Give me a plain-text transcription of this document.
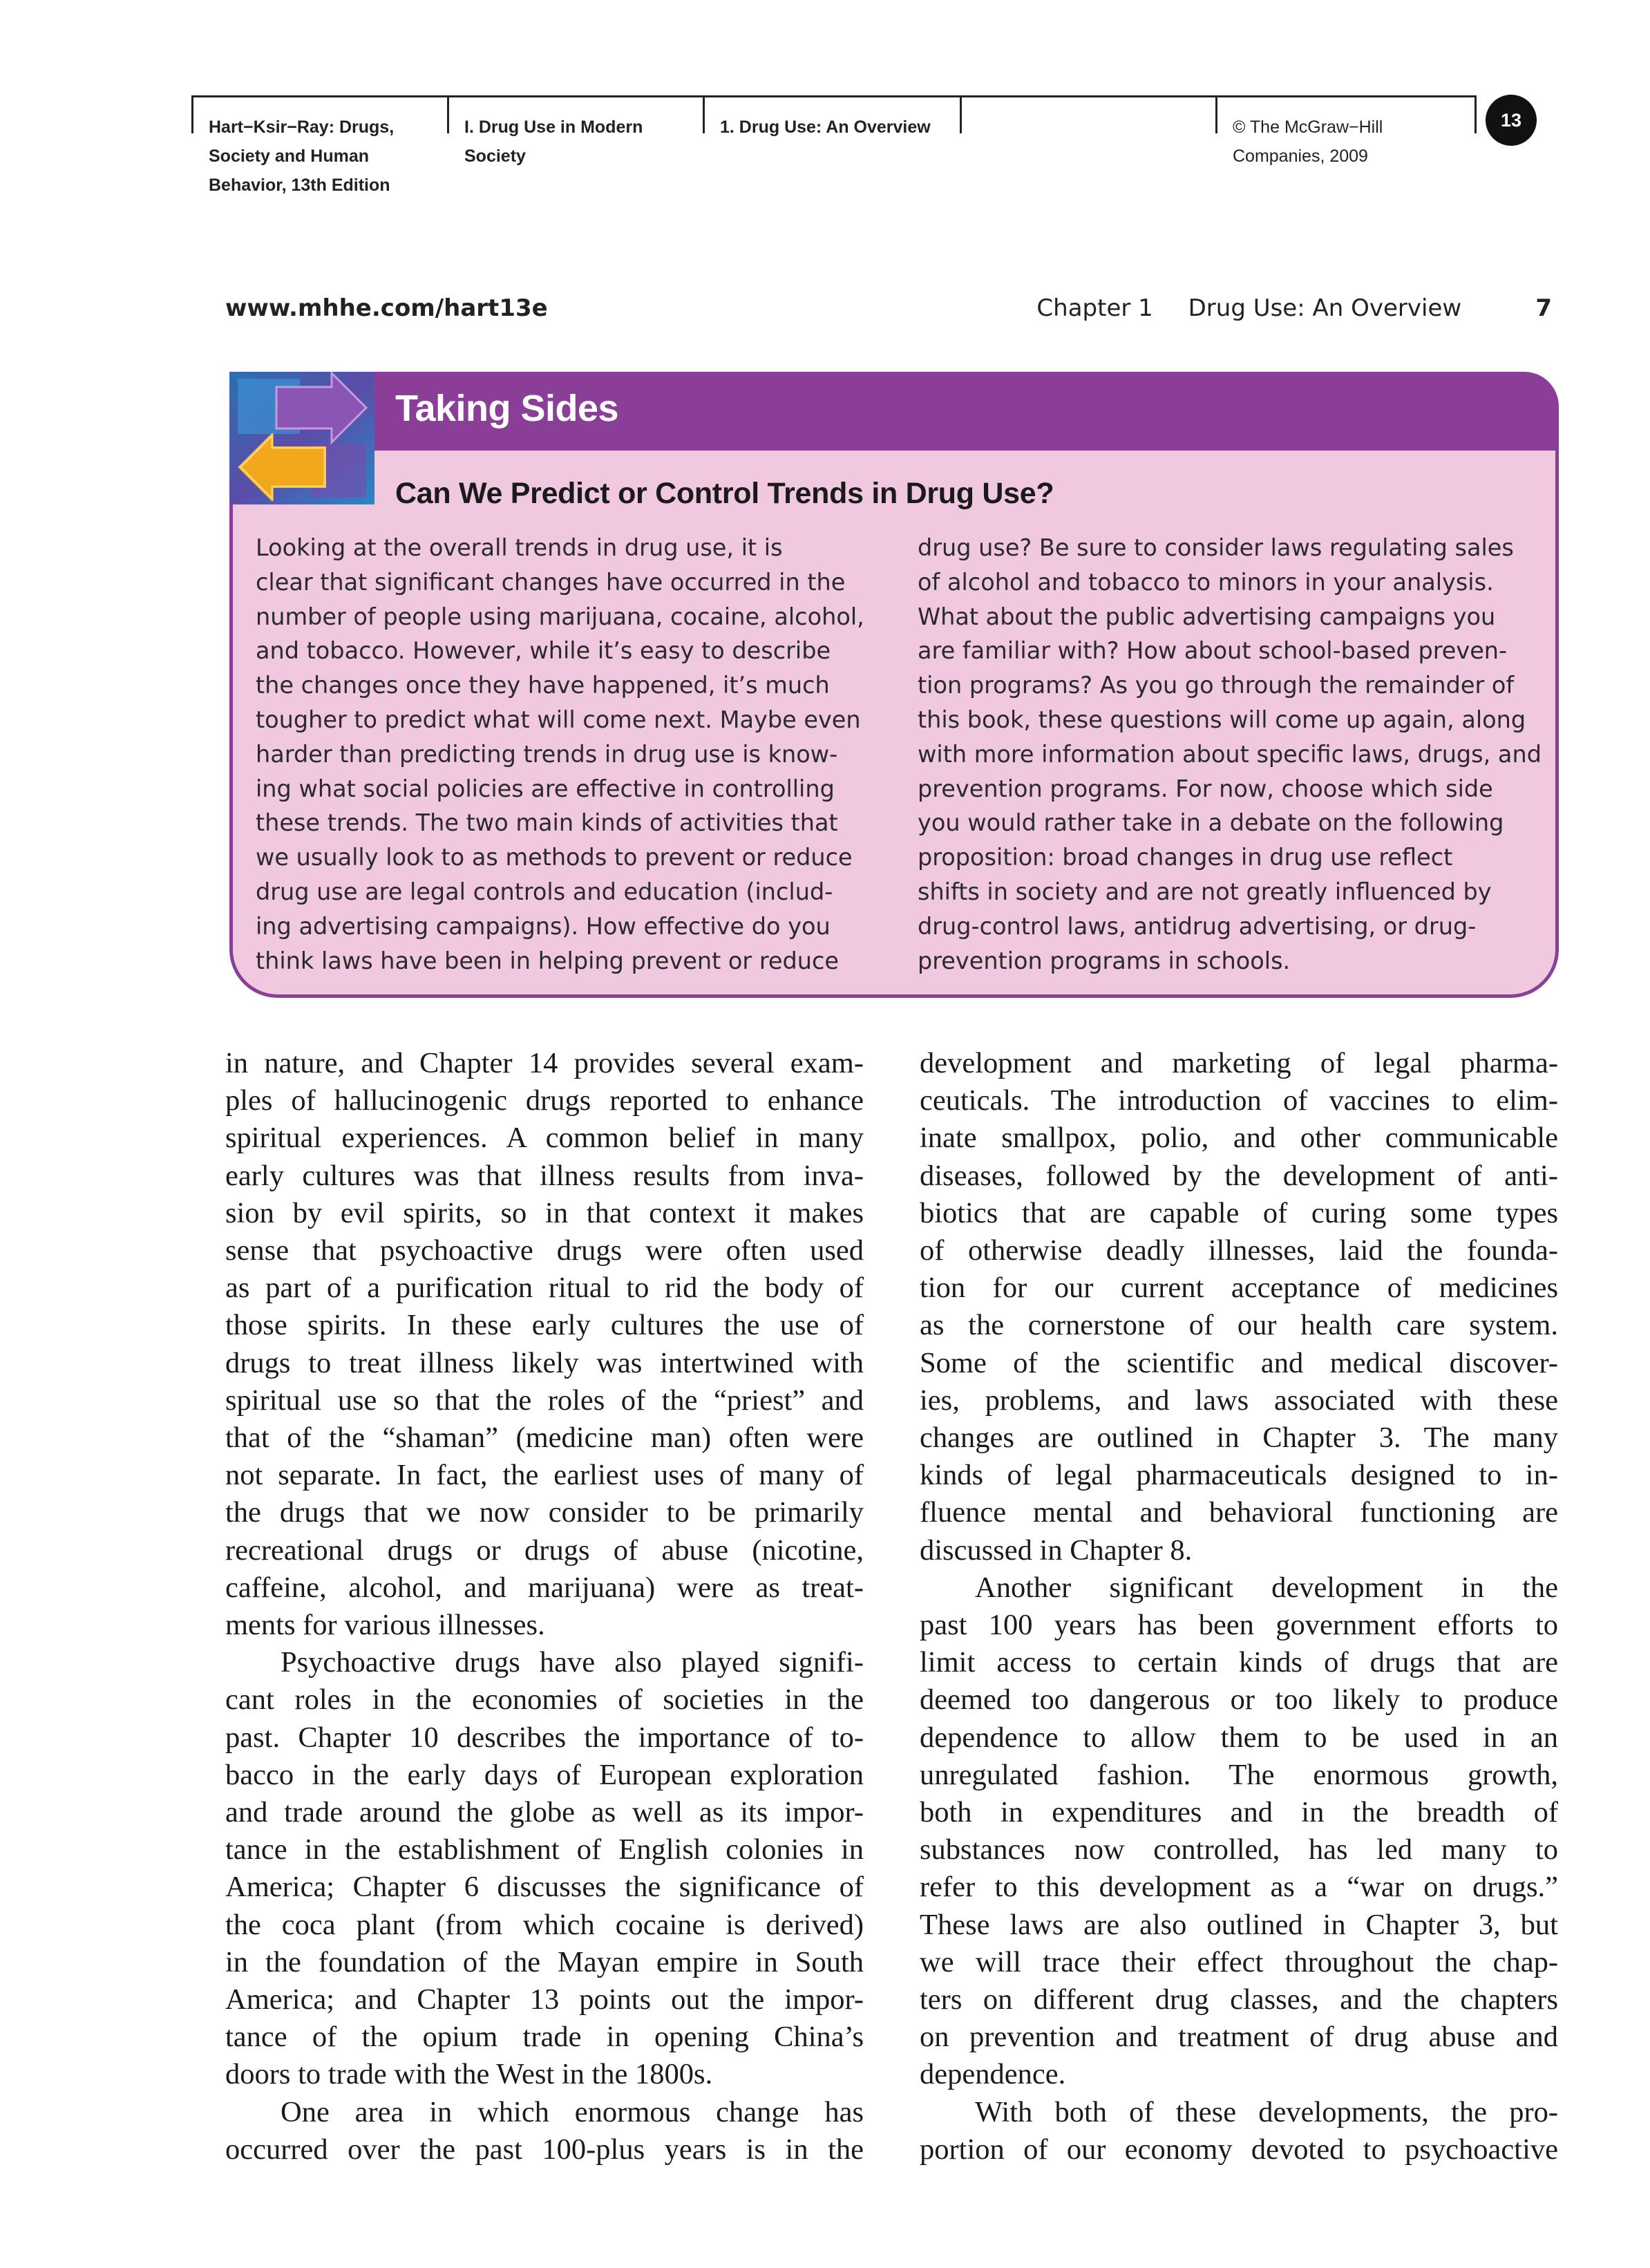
Hart−Ksir−Ray: Drugs,
Society and Human
Behavior, 13th Edition
I. Drug Use in Modern
Society
1. Drug Use: An Overview	© The McGraw−Hill
Companies, 2009
13
www.mhhe.com/hart13e	Chapter 1 Drug Use: An Overview	7
Taking Sides
Can We Predict or Control Trends in Drug Use?
Looking at the overall trends in drug use, it is
clear that significant changes have occurred in the
number of people using marijuana, cocaine, alcohol,
and tobacco. However, while it’s easy to describe
the changes once they have happened, it’s much
tougher to predict what will come next. Maybe even
harder than predicting trends in drug use is know-
ing what social policies are effective in controlling
these trends. The two main kinds of activities that
we usually look to as methods to prevent or reduce
drug use are legal controls and education (includ-
ing advertising campaigns). How effective do you
think laws have been in helping prevent or reduce
drug use? Be sure to consider laws regulating sales
of alcohol and tobacco to minors in your analysis.
What about the public advertising campaigns you
are familiar with? How about school-based preven-
tion programs? As you go through the remainder of
this book, these questions will come up again, along
with more information about specific laws, drugs, and
prevention programs. For now, choose which side
you would rather take in a debate on the following
proposition: broad changes in drug use reflect
shifts in society and are not greatly influenced by
drug-control laws, antidrug advertising, or drug-
prevention programs in schools.
in nature, and Chapter 14 provides several exam-
ples of hallucinogenic drugs reported to enhance
spiritual experiences. A common belief in many
early cultures was that illness results from inva-
sion by evil spirits, so in that context it makes
sense that psychoactive drugs were often used
as part of a purification ritual to rid the body of
those spirits. In these early cultures the use of
drugs to treat illness likely was intertwined with
spiritual use so that the roles of the “priest” and
that of the “shaman” (medicine man) often were
not separate. In fact, the earliest uses of many of
the drugs that we now consider to be primarily
recreational drugs or drugs of abuse (nicotine,
caffeine, alcohol, and marijuana) were as treat-
ments for various illnesses.
Psychoactive drugs have also played signifi-
cant roles in the economies of societies in the
past. Chapter 10 describes the importance of to-
bacco in the early days of European exploration
and trade around the globe as well as its impor-
tance in the establishment of English colonies in
America; Chapter 6 discusses the significance of
the coca plant (from which cocaine is derived)
in the foundation of the Mayan empire in South
America; and Chapter 13 points out the impor-
tance of the opium trade in opening China’s
doors to trade with the West in the 1800s.
One area in which enormous change has
occurred over the past 100-plus years is in the
development and marketing of legal pharma-
ceuticals. The introduction of vaccines to elim-
inate smallpox, polio, and other communicable
diseases, followed by the development of anti-
biotics that are capable of curing some types
of otherwise deadly illnesses, laid the founda-
tion for our current acceptance of medicines
as the cornerstone of our health care system.
Some of the scientific and medical discover-
ies, problems, and laws associated with these
changes are outlined in Chapter 3. The many
kinds of legal pharmaceuticals designed to in-
fluence mental and behavioral functioning are
discussed in Chapter 8.
Another significant development in the
past 100 years has been government efforts to
limit access to certain kinds of drugs that are
deemed too dangerous or too likely to produce
dependence to allow them to be used in an
unregulated fashion. The enormous growth,
both in expenditures and in the breadth of
substances now controlled, has led many to
refer to this development as a “war on drugs.”
These laws are also outlined in Chapter 3, but
we will trace their effect throughout the chap-
ters on different drug classes, and the chapters
on prevention and treatment of drug abuse and
dependence.
With both of these developments, the pro-
portion of our economy devoted to psychoactive
